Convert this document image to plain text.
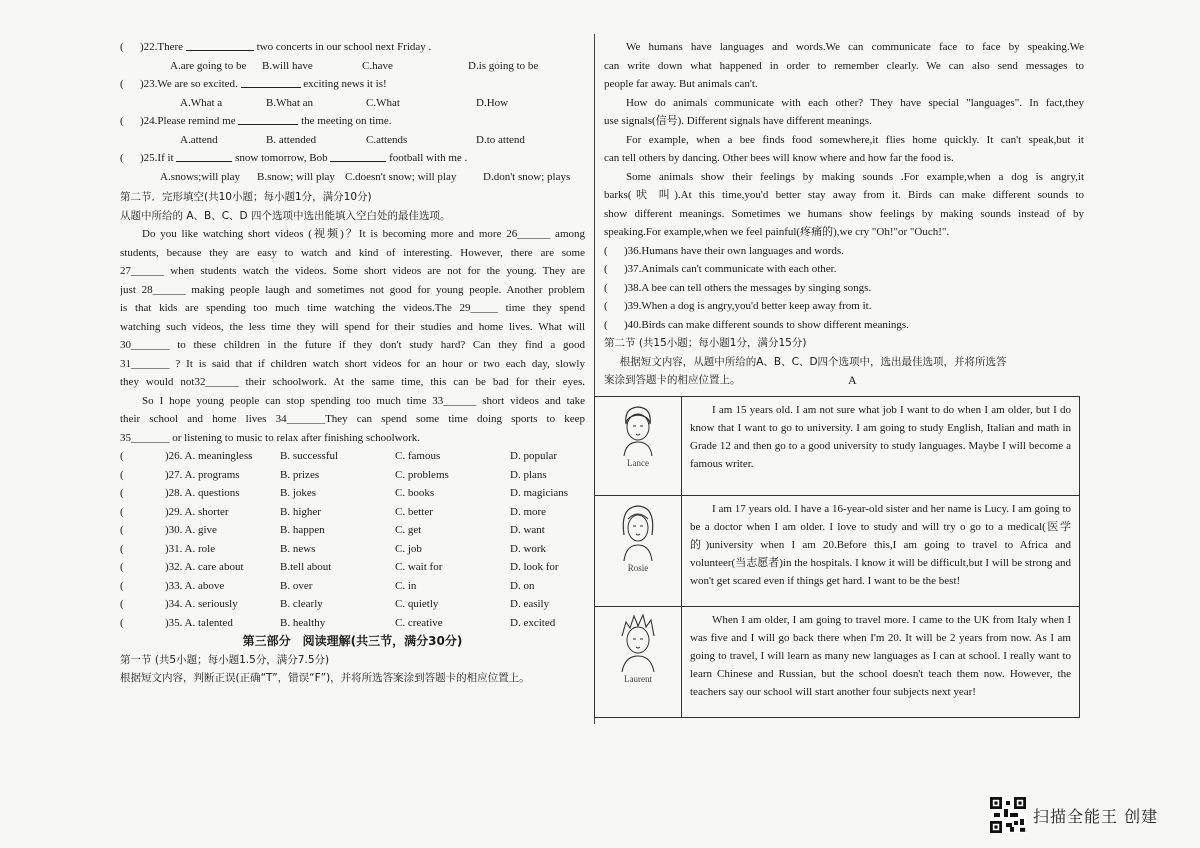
( )22.There	two concerts in our school next Friday .
A.are going to be	B.will have	C.have	D.is going to be
( )23.We are so excited.	exciting news it is!
A.What a	B.What an	C.What	D.How
( )24.Please remind me	the meeting on time.
A.attend	B. attended	C.attends	D.to attend
( )25.If it	snow tomorrow, Bob	football with me .
A.snows;will play	B.snow; will play C.doesn't snow; will play	D.don't snow; plays
第二节．完形填空(共10小题；每小题1分，满分10分)
从题中所给的 A、B、C、D 四个选项中选出能填入空白处的最佳选项。
Do you like watching short videos (视频)？It is becoming more and more 26______ among
students, because they are easy to watch and kind of interesting. However, there are some
27______ when students watch the videos. Some short videos are not for the young. They are
just 28______ making people laugh and sometimes not good for young people. Another problem
is that kids are spending too much time watching the videos.The 29_____ time they spend
watching such videos, the less time they will spend for their studies and home lives. What will
30_______ to these children in the future if they don't study hard? Can they find a good
31_______ ? It is said that if children watch short videos for an hour or two each day, slowly
they would not32______ their schoolwork. At the same time, this can be bad for their eyes.
So I hope young people can stop spending too much time 33______ short videos and take
their school and home lives 34_______They can spend some time doing sports to keep
35_______ or listening to music to relax after finishing schoolwork.
(	)26. A. meaningless	B. successful	C. famous	D. popular
(	)27. A. programs	B. prizes	C. problems	D. plans
(	)28. A. questions	B. jokes	C. books	D. magicians
(	)29. A. shorter	B. higher	C. better	D. more
(	)30. A. give	B. happen	C. get	D. want
(	)31. A. role	B. news	C. job	D. work
(	)32. A. care about	B.tell about	C. wait for	D. look for
(	)33. A. above	B. over	C. in	D. on
(	)34. A. seriously	B. clearly	C. quietly	D. easily
(	)35. A. talented	B. healthy	C. creative	D. excited
第三部分　阅读理解(共三节，满分30分)
第一节 (共5小题；每小题1.5分，满分7.5分)
根据短文内容，判断正误(正确“T”，错误“F”)，并将所选答案涂到答题卡的相应位置上。
We humans have languages and words.We can communicate face to face by speaking.We
can write down what happened in order to remember clearly. We can also send messages to
people far away. But animals can't.
How do animals communicate with each other? They have special "languages". In fact,they
use signals(信号). Different signals have different meanings.
For example, when a bee finds food somewhere,it flies home quickly. It can't speak,but it
can tell others by dancing. Other bees will know where and how far the food is.
Some animals show their feelings by making sounds .For example,when a dog is angry,it
barks(吠 叫).At this time,you'd better stay away from it. Birds can make different sounds to
show different meanings. Sometimes we humans show feelings by making sounds instead of by
speaking.For example,when we feel painful(疼痛的),we cry "Oh!"or "Ouch!".
( )36.Humans have their own languages and words.
( )37.Animals can't communicate with each other.
( )38.A bee can tell others the messages by singing songs.
( )39.When a dog is angry,you'd better keep away from it.
( )40.Birds can make different sounds to show different meanings.
第二节 (共15小题；每小题1分，满分15分)
根据短文内容，从题中所给的A、B、C、D四个选项中，选出最佳选项，并将所选答
案涂到答题卡的相应位置上。	A
Lance	I am 15 years old. I am not sure what job I want to do when I am older, but I do know that I want to go to university. I am going to study English, Italian and math in Grade 12 and then go to a good university to study languages. Maybe I will become a famous writer.

Rosie	I am 17 years old. I have a 16-year-old sister and her name is Lucy. I am going to be a doctor when I am older. I love to study and will try o go to a medical(医学的)university when I am 20.Before this,I am going to travel to Africa and volunteer(当志愿者)in the hospitals. I know it will be difficult,but I will be strong and won't get scared even if things get hard. I want to be the best!

Laurent	When I am older, I am going to travel more. I came to the UK from Italy when I was five and I will go back there when I'm 20. It will be 2 years from now. As I am going to travel, I will learn as many new languages as I can at school. I really want to learn Chinese and Russian, but the school doesn't teach them now. However, the teachers say our school will start another four subjects next year!
扫描全能王 创建
